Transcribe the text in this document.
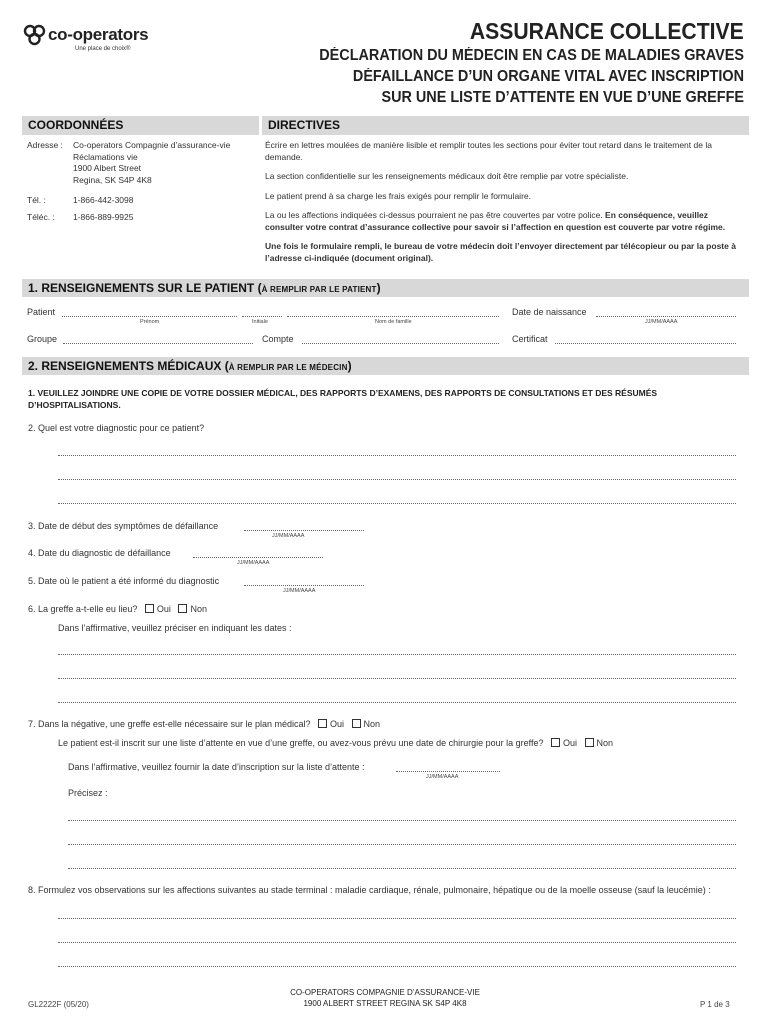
co-operators
Une place de choix®
ASSURANCE COLLECTIVE
DÉCLARATION DU MÉDECIN EN CAS DE MALADIES GRAVES
DÉFAILLANCE D’UN ORGANE VITAL AVEC INSCRIPTION
SUR UNE LISTE D’ATTENTE EN VUE D’UNE GREFFE
COORDONNÉES	DIRECTIVES
Adresse : Co-operators Compagnie d’assurance-vie
Réclamations vie
1900 Albert Street
Regina, SK S4P 4K8
Tél. :	1-866-442-3098
Téléc. : 1-866-889-9925

Écrire en lettres moulées de manière lisible et remplir toutes les sections pour éviter tout retard dans le traitement de la demande.

La section confidentielle sur les renseignements médicaux doit être remplie par votre spécialiste.

Le patient prend à sa charge les frais exigés pour remplir le formulaire.

La ou les affections indiquées ci-dessus pourraient ne pas être couvertes par votre police. En conséquence, veuillez consulter votre contrat d’assurance collective pour savoir si l’affection en question est couverte par votre régime.

Une fois le formulaire rempli, le bureau de votre médecin doit l’envoyer directement par télécopieur ou par la poste à l’adresse ci-indiquée (document original).

1. RENSEIGNEMENTS SUR LE PATIENT (À REMPLIR PAR LE PATIENT)
Patient
Prénom	Initiale	Nom de famille
Date de naissance
JJ/MM/AAAA
Groupe	Compte	Certificat
2. RENSEIGNEMENTS MÉDICAUX (À REMPLIR PAR LE MÉDECIN)
1. VEUILLEZ JOINDRE UNE COPIE DE VOTRE DOSSIER MÉDICAL, DES RAPPORTS D’EXAMENS, DES RAPPORTS DE CONSULTATIONS ET DES RÉSUMÉS D’HOSPITALISATIONS.
2. Quel est votre diagnostic pour ce patient?
3. Date de début des symptômes de défaillance
JJ/MM/AAAA
4. Date du diagnostic de défaillance
JJ/MM/AAAA
5. Date où le patient a été informé du diagnostic
JJ/MM/AAAA
6. La greffe a-t-elle eu lieu? Oui Non
Dans l’affirmative, veuillez préciser en indiquant les dates :
7. Dans la négative, une greffe est-elle nécessaire sur le plan médical? Oui Non
Le patient est-il inscrit sur une liste d’attente en vue d’une greffe, ou avez-vous prévu une date de chirurgie pour la greffe? Oui Non
Dans l’affirmative, veuillez fournir la date d’inscription sur la liste d’attente :
JJ/MM/AAAA
Précisez :
8. Formulez vos observations sur les affections suivantes au stade terminal : maladie cardiaque, rénale, pulmonaire, hépatique ou de la moelle osseuse (sauf la leucémie) :
GL2222F (05/20)
CO-OPERATORS COMPAGNIE D’ASSURANCE-VIE
1900 ALBERT STREET REGINA SK S4P 4K8	P 1 de 3
